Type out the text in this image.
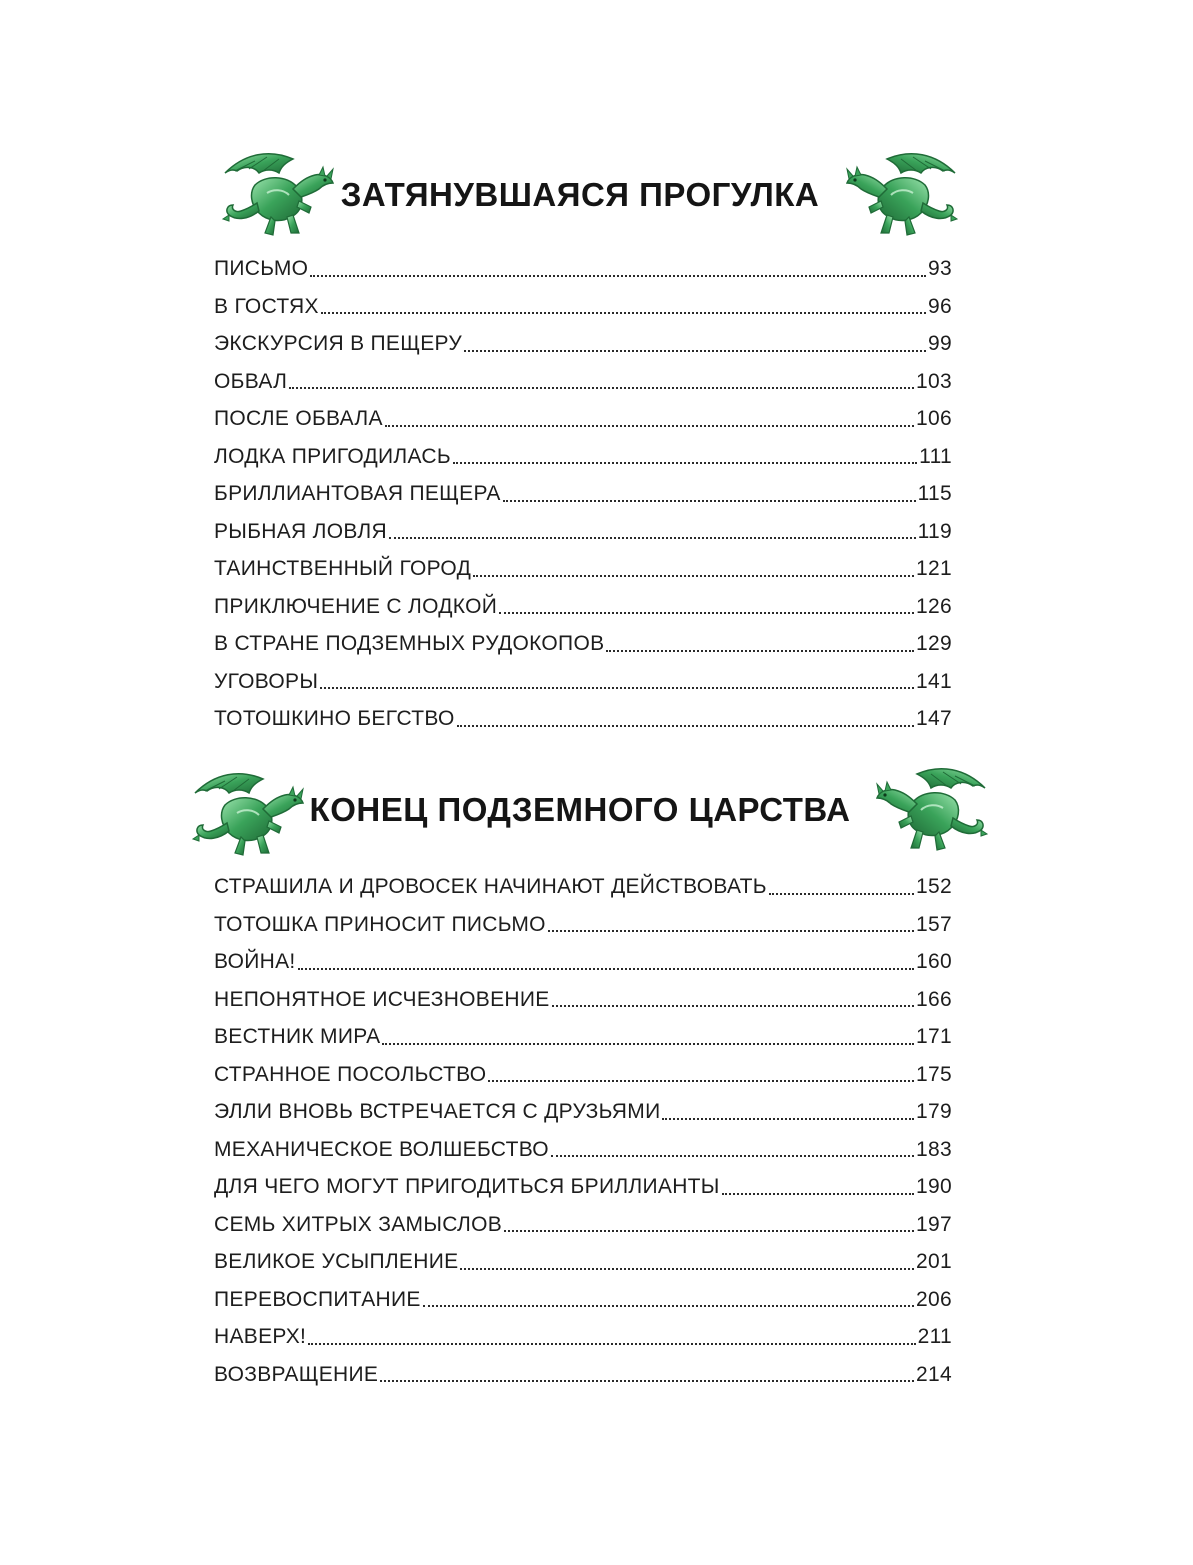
ЗАТЯНУВШАЯСЯ ПРОГУЛКА
ПИСЬМО	93
В ГОСТЯХ	96
ЭКСКУРСИЯ В ПЕЩЕРУ	99
ОБВАЛ	103
ПОСЛЕ ОБВАЛА	106
ЛОДКА ПРИГОДИЛАСЬ	111
БРИЛЛИАНТОВАЯ ПЕЩЕРА	115
РЫБНАЯ ЛОВЛЯ	119
ТАИНСТВЕННЫЙ ГОРОД	121
ПРИКЛЮЧЕНИЕ С ЛОДКОЙ	126
В СТРАНЕ ПОДЗЕМНЫХ РУДОКОПОВ	129
УГОВОРЫ	141
ТОТОШКИНО БЕГСТВО	147
КОНЕЦ ПОДЗЕМНОГО ЦАРСТВА
СТРАШИЛА И ДРОВОСЕК НАЧИНАЮТ ДЕЙСТВОВАТЬ	152
ТОТОШКА ПРИНОСИТ ПИСЬМО	157
ВОЙНА!	160
НЕПОНЯТНОЕ ИСЧЕЗНОВЕНИЕ	166
ВЕСТНИК МИРА	171
СТРАННОЕ ПОСОЛЬСТВО	175
ЭЛЛИ ВНОВЬ ВСТРЕЧАЕТСЯ С ДРУЗЬЯМИ	179
МЕХАНИЧЕСКОЕ ВОЛШЕБСТВО	183
ДЛЯ ЧЕГО МОГУТ ПРИГОДИТЬСЯ БРИЛЛИАНТЫ	190
СЕМЬ ХИТРЫХ ЗАМЫСЛОВ	197
ВЕЛИКОЕ УСЫПЛЕНИЕ	201
ПЕРЕВОСПИТАНИЕ	206
НАВЕРХ!	211
ВОЗВРАЩЕНИЕ	214
